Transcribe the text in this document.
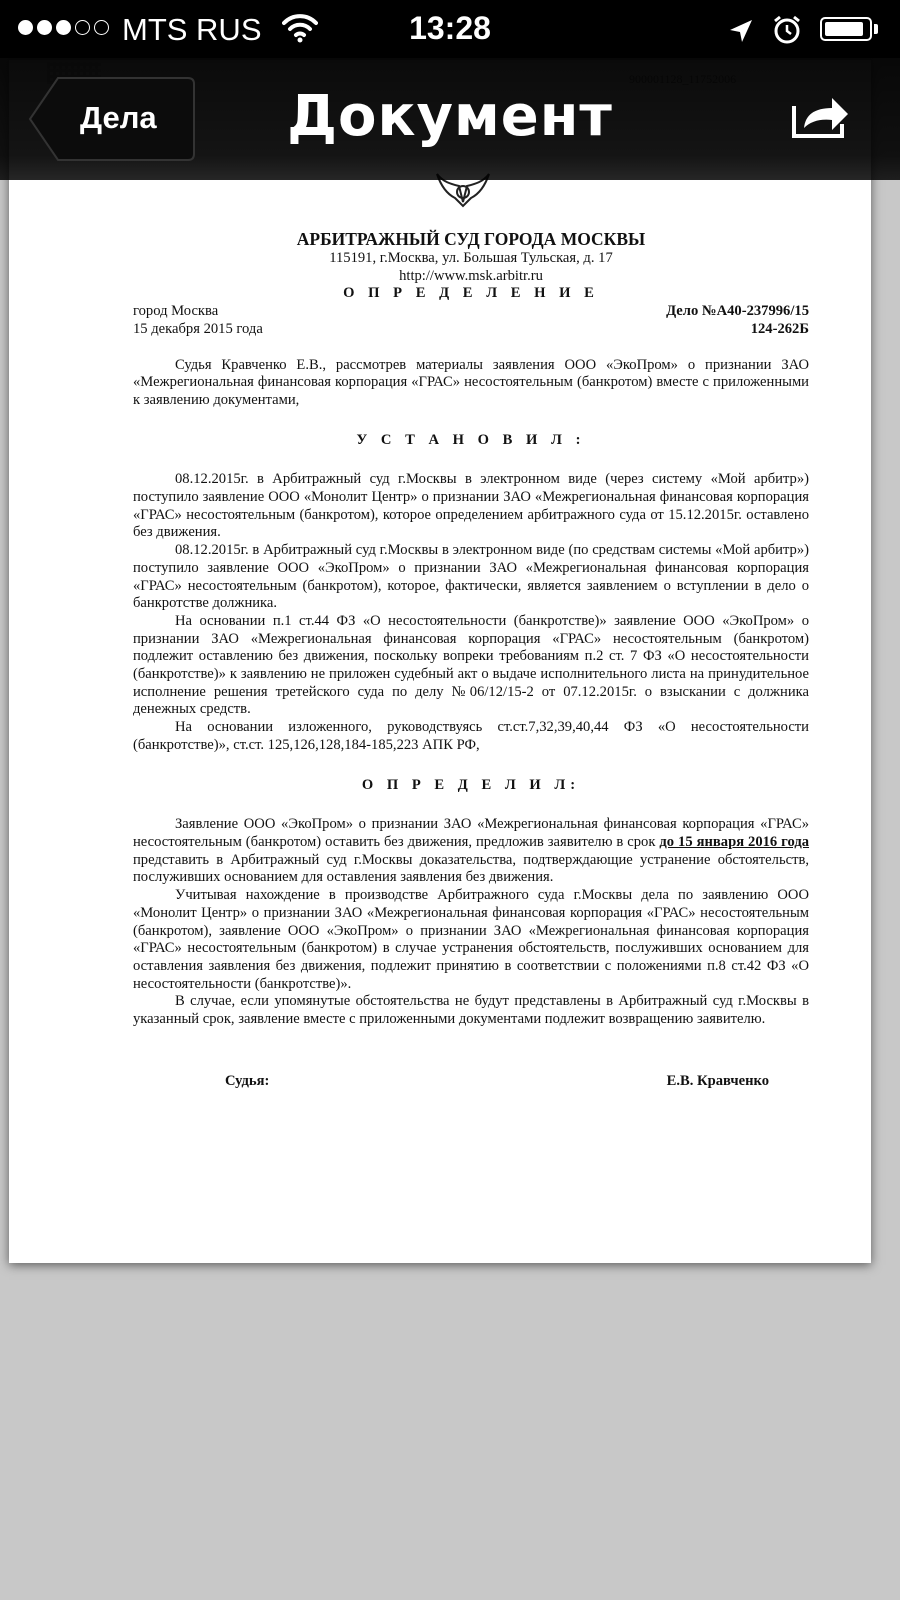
АРБИТРАЖНЫЙ СУД ГОРОДА МОСКВЫ
115191, г.Москва, ул. Большая Тульская, д. 17
http://www.msk.arbitr.ru
О П Р Е Д Е Л Е Н И Е
город Москва	Дело №А40-237996/15
15 декабря 2015 года	124-262Б

Судья Кравченко Е.В., рассмотрев материалы заявления ООО «ЭкоПром» о признании ЗАО «Межрегиональная финансовая корпорация «ГРАС» несостоятельным (банкротом) вместе с приложенными к заявлению документами,

У С Т А Н О В И Л :

08.12.2015г. в Арбитражный суд г.Москвы в электронном виде (через систему «Мой арбитр») поступило заявление ООО «Монолит Центр» о признании ЗАО «Межрегиональная финансовая корпорация «ГРАС» несостоятельным (банкротом), которое определением арбитражного суда от 15.12.2015г. оставлено без движения.

08.12.2015г. в Арбитражный суд г.Москвы в электронном виде (по средствам системы «Мой арбитр») поступило заявление ООО «ЭкоПром» о признании ЗАО «Межрегиональная финансовая корпорация «ГРАС» несостоятельным (банкротом), которое, фактически, является заявлением о вступлении в дело о банкротстве должника.

На основании п.1 ст.44 ФЗ «О несостоятельности (банкротстве)» заявление ООО «ЭкоПром» о признании ЗАО «Межрегиональная финансовая корпорация «ГРАС» несостоятельным (банкротом) подлежит оставлению без движения, поскольку вопреки требованиям п.2 ст. 7 ФЗ «О несостоятельности (банкротстве)» к заявлению не приложен судебный акт о выдаче исполнительного листа на принудительное исполнение решения третейского суда по делу №06/12/15-2 от 07.12.2015г. о взыскании с должника денежных средств.

На основании изложенного, руководствуясь ст.ст.7,32,39,40,44 ФЗ «О несостоятельности (банкротстве)», ст.ст. 125,126,128,184-185,223 АПК РФ,

О П Р Е Д Е Л И Л:

Заявление ООО «ЭкоПром» о признании ЗАО «Межрегиональная финансовая корпорация «ГРАС» несостоятельным (банкротом) оставить без движения, предложив заявителю в срок до 15 января 2016 года представить в Арбитражный суд г.Москвы доказательства, подтверждающие устранение обстоятельств, послуживших основанием для оставления заявления без движения.

Учитывая нахождение в производстве Арбитражного суда г.Москвы дела по заявлению ООО «Монолит Центр» о признании ЗАО «Межрегиональная финансовая корпорация «ГРАС» несостоятельным (банкротом), заявление ООО «ЭкоПром» о признании ЗАО «Межрегиональная финансовая корпорация «ГРАС» несостоятельным (банкротом) в случае устранения обстоятельств, послуживших основанием для оставления заявления без движения, подлежит принятию в соответствии с положениями п.8 ст.42 ФЗ «О несостоятельности (банкротстве)».

В случае, если упомянутые обстоятельства не будут представлены в Арбитражный суд г.Москвы в указанный срок, заявление вместе с приложенными документами подлежит возвращению заявителю.

Судья:	Е.В. Кравченко
MTS RUS	13:28
Дела	Документ
